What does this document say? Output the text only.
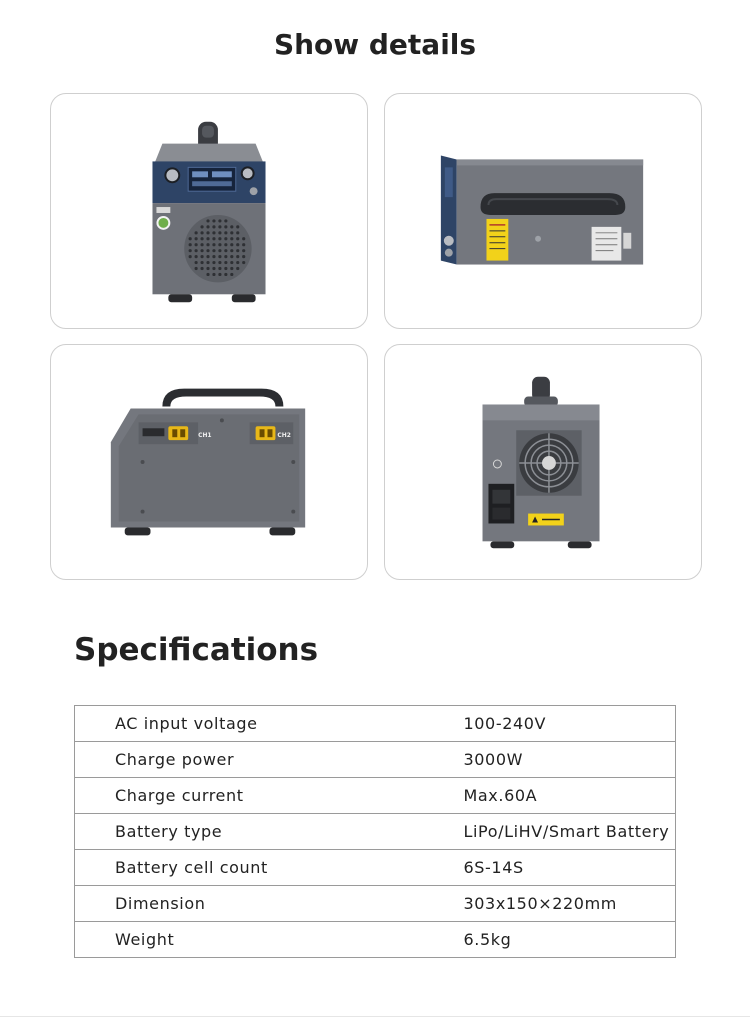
Show details
CH1	CH2
Specifications
AC input voltage	100-240V
Charge power	3000W
Charge current	Max.60A
Battery type	LiPo/LiHV/Smart Battery
Battery cell count	6S-14S
Dimension	303x150×220mm
Weight	6.5kg
